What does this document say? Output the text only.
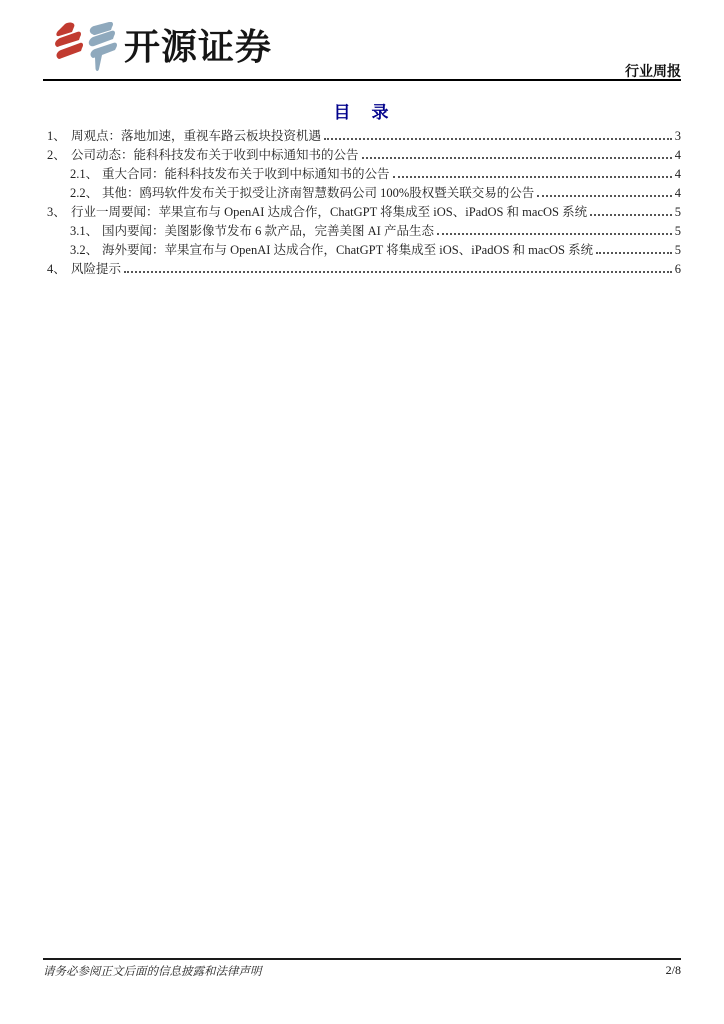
开源证券
行业周报
目　录
1、 周观点：落地加速，重视车路云板块投资机遇	3
2、 公司动态：能科科技发布关于收到中标通知书的公告	4
2.1、 重大合同：能科科技发布关于收到中标通知书的公告	4
2.2、 其他：鸥玛软件发布关于拟受让济南智慧数码公司 100%股权暨关联交易的公告	4
3、 行业一周要闻：苹果宣布与 OpenAI 达成合作，ChatGPT 将集成至 iOS、iPadOS 和 macOS 系统	5
3.1、 国内要闻：美图影像节发布 6 款产品，完善美图 AI 产品生态	5
3.2、 海外要闻：苹果宣布与 OpenAI 达成合作，ChatGPT 将集成至 iOS、iPadOS 和 macOS 系统	5
4、 风险提示	6
请务必参阅正文后面的信息披露和法律声明	2/8
